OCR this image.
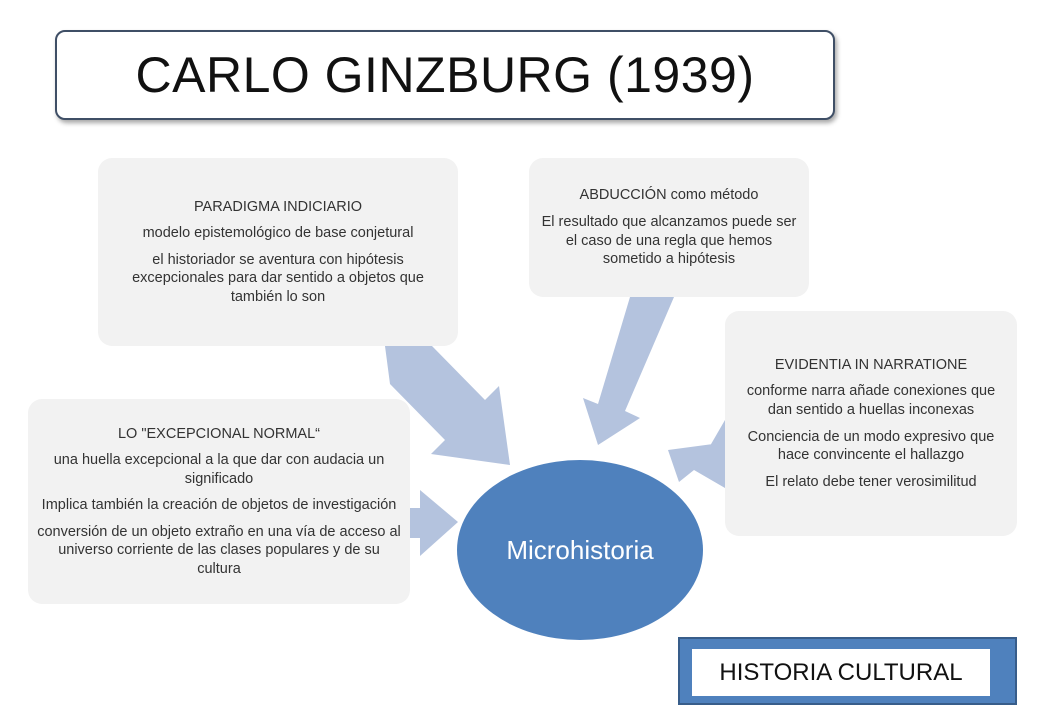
CARLO GINZBURG (1939)

PARADIGMA INDICIARIO

modelo epistemológico de base conjetural

el historiador se aventura con hipótesis excepcionales para dar sentido a objetos que también lo son

ABDUCCIÓN como método

El resultado que alcanzamos puede ser el caso de una regla que hemos sometido a hipótesis

EVIDENTIA IN NARRATIONE

conforme narra añade conexiones que dan sentido a huellas inconexas

Conciencia de un modo expresivo que hace convincente el hallazgo

El relato debe tener verosimilitud

LO "EXCEPCIONAL NORMAL“

una huella excepcional a la que dar con audacia un significado

Implica también la creación de objetos de investigación

conversión de un objeto extraño en una vía de acceso al universo corriente de las clases populares y de su cultura

Microhistoria
HISTORIA CULTURAL
